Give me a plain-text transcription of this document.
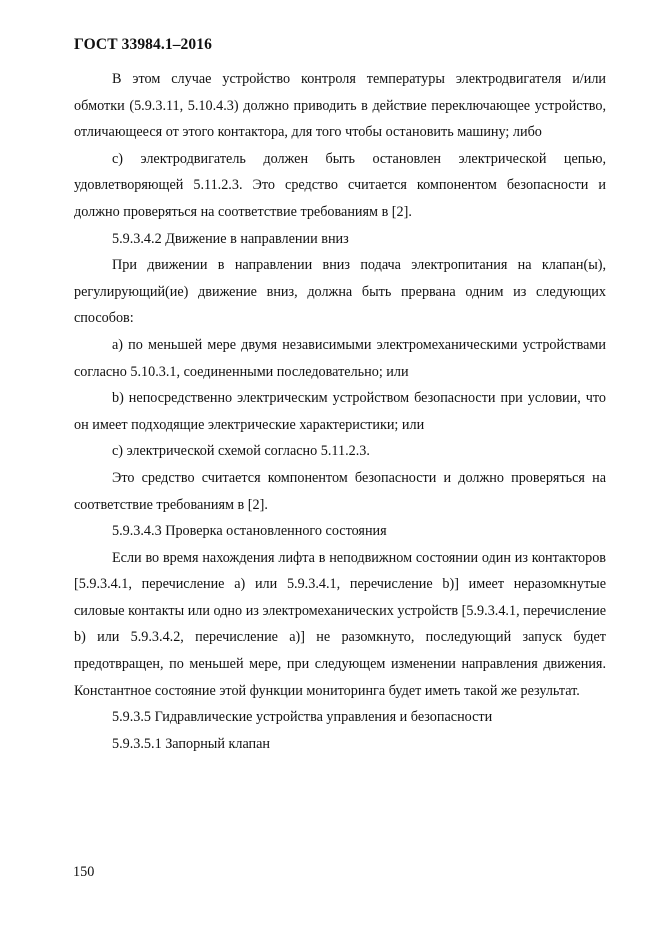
ГОСТ 33984.1–2016

В этом случае устройство контроля температуры электродвигателя и/или обмотки (5.9.3.11, 5.10.4.3) должно приводить в действие переключающее устройство, отличающееся от этого контактора, для того чтобы остановить машину; либо

c) электродвигатель должен быть остановлен электрической цепью, удовлетворяющей 5.11.2.3. Это средство считается компонентом безопасности и должно проверяться на соответствие требованиям в [2].

5.9.3.4.2 Движение в направлении вниз

При движении в направлении вниз подача электропитания на клапан(ы), регулирующий(ие) движение вниз, должна быть прервана одним из следующих способов:

a) по меньшей мере двумя независимыми электромеханическими устройствами согласно 5.10.3.1, соединенными последовательно; или

b) непосредственно электрическим устройством безопасности при условии, что он имеет подходящие электрические характеристики; или

c) электрической схемой согласно 5.11.2.3.

Это средство считается компонентом безопасности и должно проверяться на соответствие требованиям в [2].

5.9.3.4.3 Проверка остановленного состояния

Если во время нахождения лифта в неподвижном состоянии один из контакторов [5.9.3.4.1, перечисление а) или 5.9.3.4.1, перечисление b)] имеет неразомкнутые силовые контакты или одно из электромеханических устройств [5.9.3.4.1, перечисление b) или 5.9.3.4.2, перечисление а)] не разомкнуто, последующий запуск будет предотвращен, по меньшей мере, при следующем изменении направления движения. Константное состояние этой функции мониторинга будет иметь такой же результат.

5.9.3.5 Гидравлические устройства управления и безопасности

5.9.3.5.1 Запорный клапан

150
